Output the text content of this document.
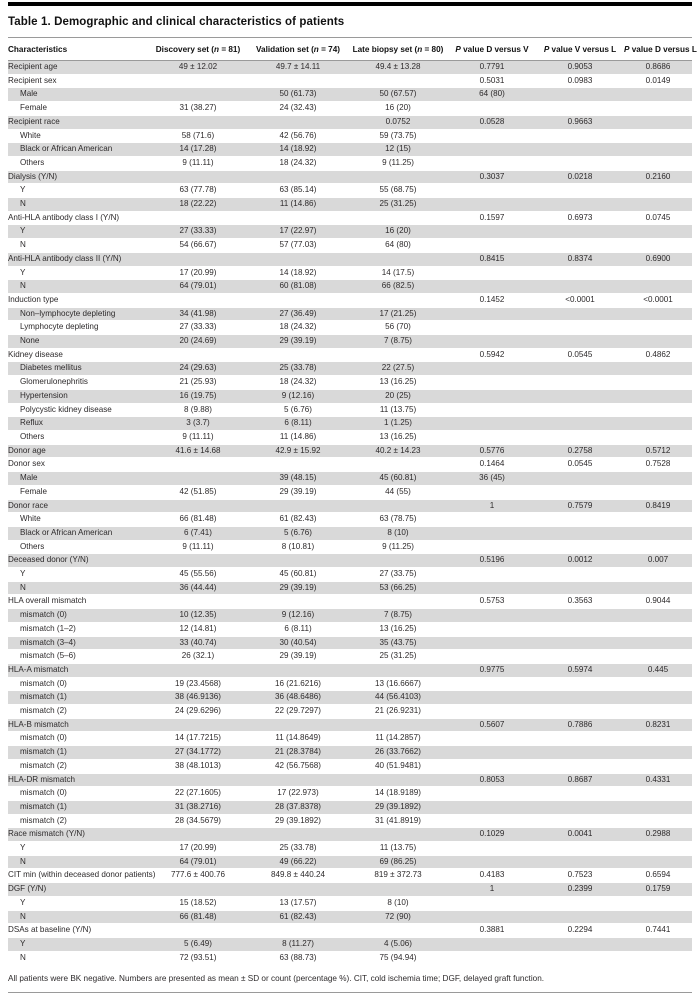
Table 1. Demographic and clinical characteristics of patients
Characteristics	Discovery set (n = 81)	Validation set (n = 74)	Late biopsy set (n = 80)	P value D versus V	P value V versus L	P value D versus L
Recipient age	49 ± 12.02	49.7 ± 14.11	49.4 ± 13.28	0.7791	0.9053	0.8686
Recipient sex				0.5031	0.0983	0.0149
Male		50 (61.73)	50 (67.57)	64 (80)		
Female	31 (38.27)	24 (32.43)	16 (20)			
Recipient race			0.0752	0.0528	0.9663	
White	58 (71.6)	42 (56.76)	59 (73.75)			
Black or African American	14 (17.28)	14 (18.92)	12 (15)			
Others	9 (11.11)	18 (24.32)	9 (11.25)			
Dialysis (Y/N)				0.3037	0.0218	0.2160
Y	63 (77.78)	63 (85.14)	55 (68.75)			
N	18 (22.22)	11 (14.86)	25 (31.25)			
Anti-HLA antibody class I (Y/N)				0.1597	0.6973	0.0745
Y	27 (33.33)	17 (22.97)	16 (20)			
N	54 (66.67)	57 (77.03)	64 (80)			
Anti-HLA antibody class II (Y/N)				0.8415	0.8374	0.6900
Y	17 (20.99)	14 (18.92)	14 (17.5)			
N	64 (79.01)	60 (81.08)	66 (82.5)			
Induction type				0.1452	<0.0001	<0.0001
Non–lymphocyte depleting	34 (41.98)	27 (36.49)	17 (21.25)			
Lymphocyte depleting	27 (33.33)	18 (24.32)	56 (70)			
None	20 (24.69)	29 (39.19)	7 (8.75)			
Kidney disease				0.5942	0.0545	0.4862
Diabetes mellitus	24 (29.63)	25 (33.78)	22 (27.5)			
Glomerulonephritis	21 (25.93)	18 (24.32)	13 (16.25)			
Hypertension	16 (19.75)	9 (12.16)	20 (25)			
Polycystic kidney disease	8 (9.88)	5 (6.76)	11 (13.75)			
Reflux	3 (3.7)	6 (8.11)	1 (1.25)			
Others	9 (11.11)	11 (14.86)	13 (16.25)			
Donor age	41.6 ± 14.68	42.9 ± 15.92	40.2 ± 14.23	0.5776	0.2758	0.5712
Donor sex				0.1464	0.0545	0.7528
Male		39 (48.15)	45 (60.81)	36 (45)		
Female	42 (51.85)	29 (39.19)	44 (55)			
Donor race				1	0.7579	0.8419
White	66 (81.48)	61 (82.43)	63 (78.75)			
Black or African American	6 (7.41)	5 (6.76)	8 (10)			
Others	9 (11.11)	8 (10.81)	9 (11.25)			
Deceased donor (Y/N)				0.5196	0.0012	0.007
Y	45 (55.56)	45 (60.81)	27 (33.75)			
N	36 (44.44)	29 (39.19)	53 (66.25)			
HLA overall mismatch				0.5753	0.3563	0.9044
mismatch (0)	10 (12.35)	9 (12.16)	7 (8.75)			
mismatch (1–2)	12 (14.81)	6 (8.11)	13 (16.25)			
mismatch (3–4)	33 (40.74)	30 (40.54)	35 (43.75)			
mismatch (5–6)	26 (32.1)	29 (39.19)	25 (31.25)			
HLA-A mismatch				0.9775	0.5974	0.445
mismatch (0)	19 (23.4568)	16 (21.6216)	13 (16.6667)			
mismatch (1)	38 (46.9136)	36 (48.6486)	44 (56.4103)			
mismatch (2)	24 (29.6296)	22 (29.7297)	21 (26.9231)			
HLA-B mismatch				0.5607	0.7886	0.8231
mismatch (0)	14 (17.7215)	11 (14.8649)	11 (14.2857)			
mismatch (1)	27 (34.1772)	21 (28.3784)	26 (33.7662)			
mismatch (2)	38 (48.1013)	42 (56.7568)	40 (51.9481)			
HLA-DR mismatch				0.8053	0.8687	0.4331
mismatch (0)	22 (27.1605)	17 (22.973)	14 (18.9189)			
mismatch (1)	31 (38.2716)	28 (37.8378)	29 (39.1892)			
mismatch (2)	28 (34.5679)	29 (39.1892)	31 (41.8919)			
Race mismatch (Y/N)				0.1029	0.0041	0.2988
Y	17 (20.99)	25 (33.78)	11 (13.75)			
N	64 (79.01)	49 (66.22)	69 (86.25)			
CIT min (within deceased donor patients)	777.6 ± 400.76	849.8 ± 440.24	819 ± 372.73	0.4183	0.7523	0.6594
DGF (Y/N)				1	0.2399	0.1759
Y	15 (18.52)	13 (17.57)	8 (10)			
N	66 (81.48)	61 (82.43)	72 (90)			
DSAs at baseline (Y/N)				0.3881	0.2294	0.7441
Y	5 (6.49)	8 (11.27)	4 (5.06)			
N	72 (93.51)	63 (88.73)	75 (94.94)			
All patients were BK negative. Numbers are presented as mean ± SD or count (percentage %). CIT, cold ischemia time; DGF, delayed graft function.
